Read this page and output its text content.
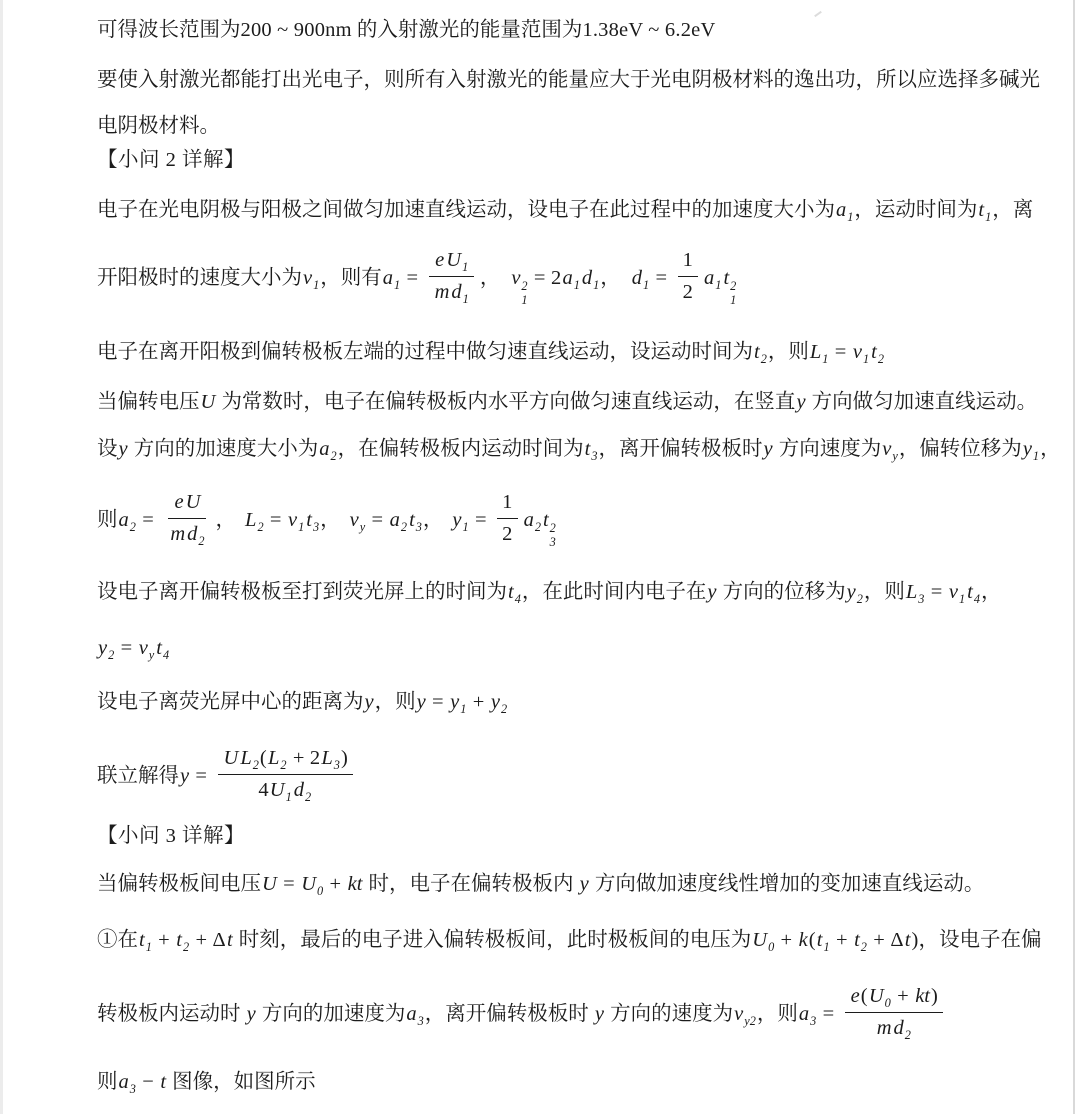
可得波长范围为200 ~ 900nm 的入射激光的能量范围为1.38eV ~ 6.2eV
要使入射激光都能打出光电子，则所有入射激光的能量应大于光电阴极材料的逸出功，所以应选择多碱光
电阴极材料。
【小问 2 详解】
电子在光电阴极与阳极之间做匀加速直线运动，设电子在此过程中的加速度大小为$a_1$，运动时间为$t_1$，离
开阳极时的速度大小为$v_1$，则有$a_1 = \frac{eU_1}{md_1}$ ， v 2
1
= $2a_1d_1$， $d_1 = \frac{1}{2} a_1t$ 2
1
电子在离开阳极到偏转极板左端的过程中做匀速直线运动，设运动时间为$t_2$，则$L_1 = v_1t_2$
当偏转电压U 为常数时，电子在偏转极板内水平方向做匀速直线运动，在竖直y 方向做匀加速直线运动。
设y 方向的加速度大小为$a_2$，在偏转极板内运动时间为$t_3$，离开偏转极板时y 方向速度为$v_y$，偏转位移为$y_1$，
则$a_2 = \frac{eU}{md_2}$ ， $L_2 = v_1t_3$， $v_y = a_2t_3$， $y_1 = \frac{1}{2} a_2t$ 2
3
设电子离开偏转极板至打到荧光屏上的时间为$t_4$，在此时间内电子在y 方向的位移为$y_2$，则$L_3 = v_1t_4$，
$y_2 = v_yt_4$
设电子离荧光屏中心的距离为y，则$y = y_1 + y_2$
联立解得$y = \frac{UL_2(L_2 + 2L_3)}{4U_1d_2}$
【小问 3 详解】
当偏转极板间电压$U = U_0$ + kt 时，电子在偏转极板内 y 方向做加速度线性增加的变加速直线运动。
①在$t_1 + t_2 + \Delta t$ 时刻，最后的电子进入偏转极板间，此时极板间的电压为$U_0 + k(t_1 + t_2 + \Delta t)$，设电子在偏
转极板内运动时 y 方向的加速度为$a_3$，离开偏转极板时 y 方向的速度为$v_{y2}$，则$a_3 = \frac{e(U_0 + kt)}{md_2}$
则$a_3 - t$ 图像，如图所示
